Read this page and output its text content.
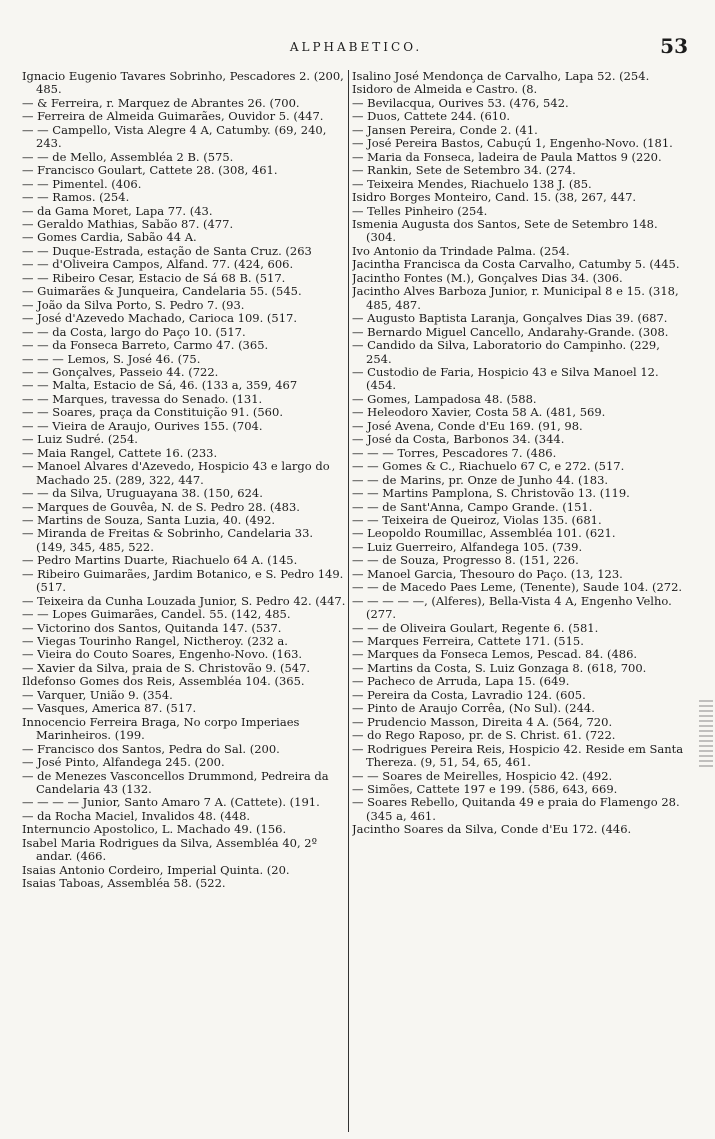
ALPHABETICO.	53

Ignacio Eugenio Tavares Sobrinho, Pescadores 2. (200, 485.

— & Ferreira, r. Marquez de Abrantes 26. (700.

— Ferreira de Almeida Guimarães, Ouvidor 5. (447.

— — Campello, Vista Alegre 4 A, Catumby. (69, 240, 243.

— — de Mello, Assembléa 2 B. (575.

— Francisco Goulart, Cattete 28. (308, 461.

— — Pimentel. (406.

— — Ramos. (254.

— da Gama Moret, Lapa 77. (43.

— Geraldo Mathias, Sabão 87. (477.

— Gomes Cardia, Sabão 44 A.

— — Duque-Estrada, estação de Santa Cruz. (263

— — d'Oliveira Campos, Alfand. 77. (424, 606.

— — Ribeiro Cesar, Estacio de Sá 68 B. (517.

— Guimarães & Junqueira, Candelaria 55. (545.

— João da Silva Porto, S. Pedro 7. (93.

— José d'Azevedo Machado, Carioca 109. (517.

— — da Costa, largo do Paço 10. (517.

— — da Fonseca Barreto, Carmo 47. (365.

— — — Lemos, S. José 46. (75.

— — Gonçalves, Passeio 44. (722.

— — Malta, Estacio de Sá, 46. (133 a, 359, 467

— — Marques, travessa do Senado. (131.

— — Soares, praça da Constituição 91. (560.

— — Vieira de Araujo, Ourives 155. (704.

— Luiz Sudré. (254.

— Maia Rangel, Cattete 16. (233.

— Manoel Alvares d'Azevedo, Hospicio 43 e largo do Machado 25. (289, 322, 447.

— — da Silva, Uruguayana 38. (150, 624.

— Marques de Gouvêa, N. de S. Pedro 28. (483.

— Martins de Souza, Santa Luzia, 40. (492.

— Miranda de Freitas & Sobrinho, Candelaria 33. (149, 345, 485, 522.

— Pedro Martins Duarte, Riachuelo 64 A. (145.

— Ribeiro Guimarães, Jardim Botanico, e S. Pedro 149. (517.

— Teixeira da Cunha Louzada Junior, S. Pedro 42. (447.

— — Lopes Guimarães, Candel. 55. (142, 485.

— Victorino dos Santos, Quitanda 147. (537.

— Viegas Tourinho Rangel, Nictheroy. (232 a.

— Vieira do Couto Soares, Engenho-Novo. (163.

— Xavier da Silva, praia de S. Christovão 9. (547.

Ildefonso Gomes dos Reis, Assembléa 104. (365.

— Varquer, União 9. (354.

— Vasques, America 87. (517.

Innocencio Ferreira Braga, No corpo Imperiaes Marinheiros. (199.

— Francisco dos Santos, Pedra do Sal. (200.

— José Pinto, Alfandega 245. (200.

— de Menezes Vasconcellos Drummond, Pedreira da Candelaria 43 (132.

— — — — Junior, Santo Amaro 7 A. (Cattete). (191.

— da Rocha Maciel, Invalidos 48. (448.

Internuncio Apostolico, L. Machado 49. (156.

Isabel Maria Rodrigues da Silva, Assembléa 40, 2º andar. (466.

Isaias Antonio Cordeiro, Imperial Quinta. (20.

Isaias Taboas, Assembléa 58. (522.

Isalino José Mendonça de Carvalho, Lapa 52. (254.

Isidoro de Almeida e Castro. (8.

— Bevilacqua, Ourives 53. (476, 542.

— Duos, Cattete 244. (610.

— Jansen Pereira, Conde 2. (41.

— José Pereira Bastos, Cabuçú 1, Engenho-Novo. (181.

— Maria da Fonseca, ladeira de Paula Mattos 9 (220.

— Rankin, Sete de Setembro 34. (274.

— Teixeira Mendes, Riachuelo 138 J. (85.

Isidro Borges Monteiro, Cand. 15. (38, 267, 447.

— Telles Pinheiro (254.

Ismenia Augusta dos Santos, Sete de Setembro 148. (304.

Ivo Antonio da Trindade Palma. (254.

Jacintha Francisca da Costa Carvalho, Catumby 5. (445.

Jacintho Fontes (M.), Gonçalves Dias 34. (306.

Jacintho Alves Barboza Junior, r. Municipal 8 e 15. (318, 485, 487.

— Augusto Baptista Laranja, Gonçalves Dias 39. (687.

— Bernardo Miguel Cancello, Andarahy-Grande. (308.

— Candido da Silva, Laboratorio do Campinho. (229, 254.

— Custodio de Faria, Hospicio 43 e Silva Manoel 12. (454.

— Gomes, Lampadosa 48. (588.

— Heleodoro Xavier, Costa 58 A. (481, 569.

— José Avena, Conde d'Eu 169. (91, 98.

— José da Costa, Barbonos 34. (344.

— — — Torres, Pescadores 7. (486.

— — Gomes & C., Riachuelo 67 C, e 272. (517.

— — de Marins, pr. Onze de Junho 44. (183.

— — Martins Pamplona, S. Christovão 13. (119.

— — de Sant'Anna, Campo Grande. (151.

— — Teixeira de Queiroz, Violas 135. (681.

— Leopoldo Roumillac, Assembléa 101. (621.

— Luiz Guerreiro, Alfandega 105. (739.

— — de Souza, Progresso 8. (151, 226.

— Manoel Garcia, Thesouro do Paço. (13, 123.

— — de Macedo Paes Leme, (Tenente), Saude 104. (272.

— — — — —, (Alferes), Bella-Vista 4 A, Engenho Velho. (277.

— — de Oliveira Goulart, Regente 6. (581.

— Marques Ferreira, Cattete 171. (515.

— Marques da Fonseca Lemos, Pescad. 84. (486.

— Martins da Costa, S. Luiz Gonzaga 8. (618, 700.

— Pacheco de Arruda, Lapa 15. (649.

— Pereira da Costa, Lavradio 124. (605.

— Pinto de Araujo Corrêa, (No Sul). (244.

— Prudencio Masson, Direita 4 A. (564, 720.

— do Rego Raposo, pr. de S. Christ. 61. (722.

— Rodrigues Pereira Reis, Hospicio 42. Reside em Santa Thereza. (9, 51, 54, 65, 461.

— — Soares de Meirelles, Hospicio 42. (492.

— Simões, Cattete 197 e 199. (586, 643, 669.

— Soares Rebello, Quitanda 49 e praia do Flamengo 28. (345 a, 461.

Jacintho Soares da Silva, Conde d'Eu 172. (446.
